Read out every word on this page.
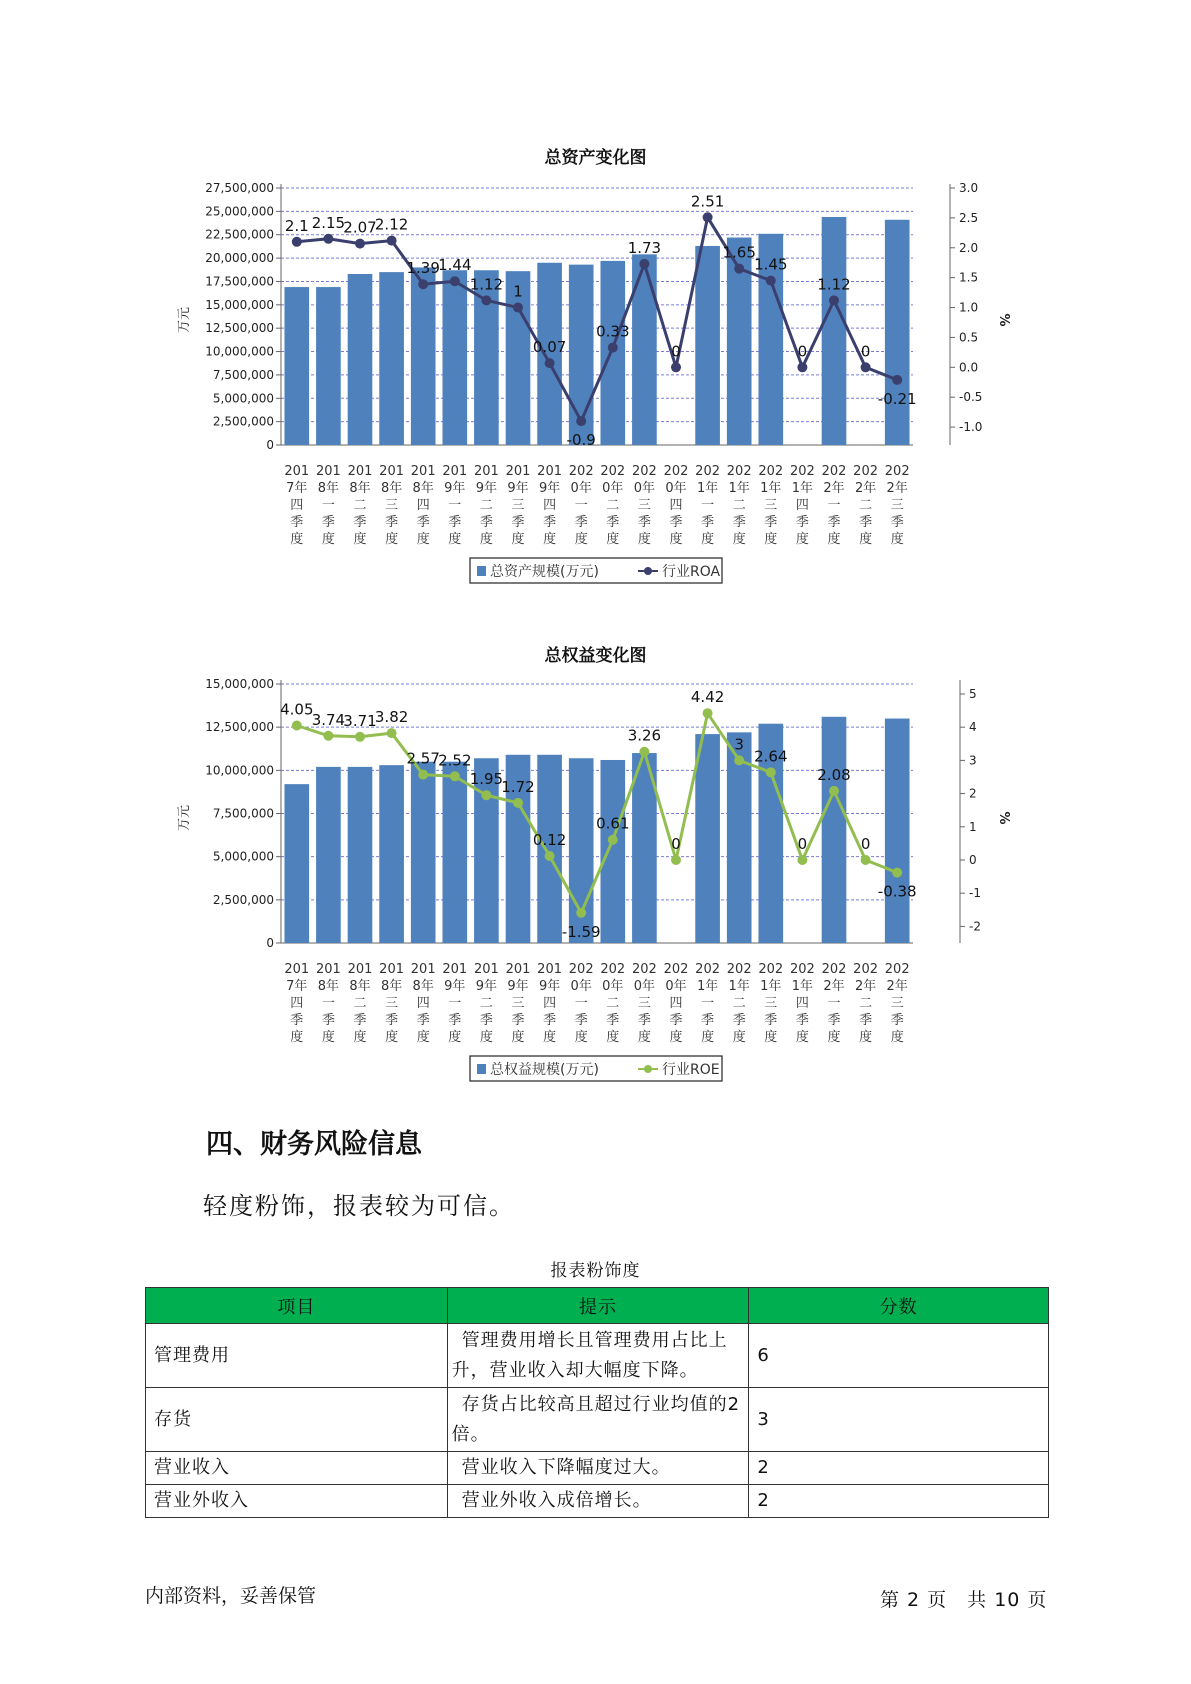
总资产变化图
27,500,000
25,000,000
22,500,000
20,000,000
17,500,000
15,000,000
12,500,000
10,000,000
7,500,000
5,000,000
2,500,000
0
3.0
2.5
2.0
1.5
1.0
0.5
0.0
-0.5
-1.0
万元	%
2.1 2.15
2.07
2.12
1.39
1.44
1.12 1
0.07
-0.9
0.33
1.73
0
2.51
1.65
1.45
0
1.12
0
-0.21
201
7年
四
季
度
201
8年
一
季
度
201
8年
二
季
度
201
8年
三
季
度
201
8年
四
季
度
201
9年
一
季
度
201
9年
二
季
度
201
9年
三
季
度
201
9年
四
季
度
202
0年
一
季
度
202
0年
二
季
度
202
0年
三
季
度
202
0年
四
季
度
202
1年
一
季
度
202
1年
二
季
度
202
1年
三
季
度
202
1年
四
季
度
202
2年
一
季
度
202
2年
二
季
度
202
2年
三
季
度
总资产规模(万元)	行业ROA
总权益变化图
15,000,000
12,500,000
10,000,000
7,500,000
5,000,000
2,500,000
0
5
4
3
2
1
0
-1
-2
万元	%
4.05
3.74
3.71
3.82
2.57
2.52
1.95
1.72
0.12
-1.59
0.61
3.26
0
4.42
3
2.64
0
2.08
0
-0.38
201
7年
四
季
度
201
8年
一
季
度
201
8年
二
季
度
201
8年
三
季
度
201
8年
四
季
度
201
9年
一
季
度
201
9年
二
季
度
201
9年
三
季
度
201
9年
四
季
度
202
0年
一
季
度
202
0年
二
季
度
202
0年
三
季
度
202
0年
四
季
度
202
1年
一
季
度
202
1年
二
季
度
202
1年
三
季
度
202
1年
四
季
度
202
2年
一
季
度
202
2年
二
季
度
202
2年
三
季
度
总权益规模(万元)	行业ROE
四、财务风险信息
轻度粉饰，报表较为可信。
报表粉饰度
项目	提示	分数
管理费用	管理费用增长且管理费用占比上升，营业收入却大幅度下降。	6
存货	存货占比较高且超过行业均值的2倍。	3
营业收入	营业收入下降幅度过大。	2
营业外收入	营业外收入成倍增长。	2
内部资料，妥善保管	第 2 页　共 10 页
